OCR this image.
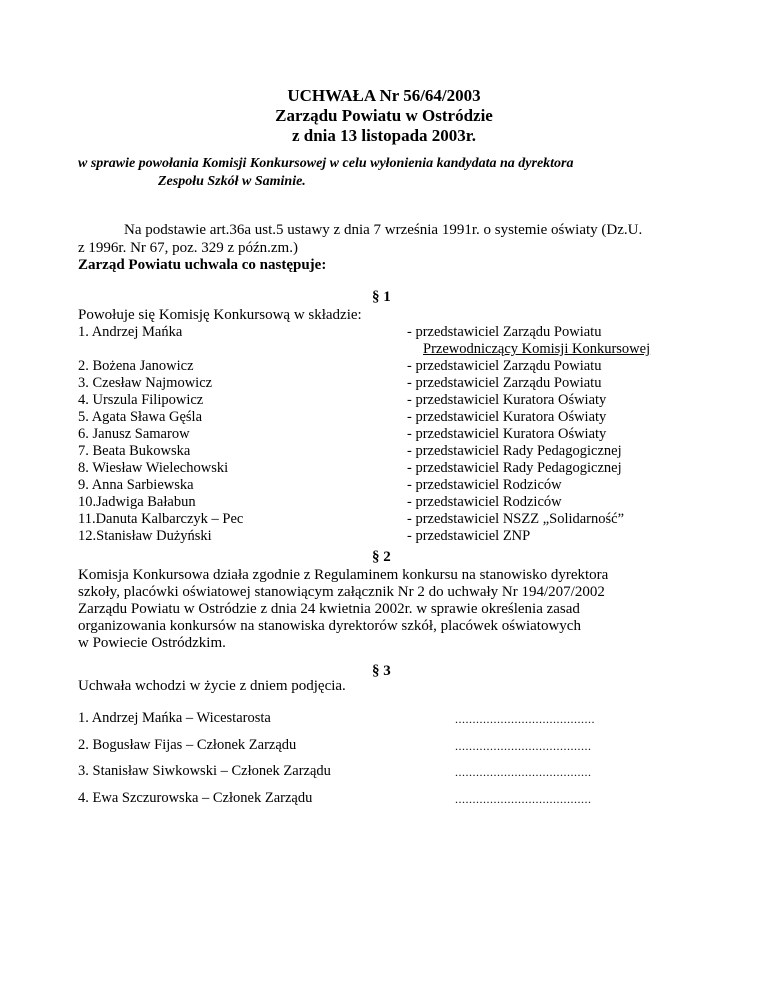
UCHWAŁA Nr 56/64/2003
Zarządu Powiatu w Ostródzie
z dnia 13 listopada 2003r.
w sprawie powołania Komisji Konkursowej w celu wyłonienia kandydata na dyrektora
Zespołu Szkół w Saminie.
Na podstawie art.36a ust.5 ustawy z dnia 7 września 1991r. o systemie oświaty (Dz.U.
z 1996r. Nr 67, poz. 329 z późn.zm.)
Zarząd Powiatu uchwala co następuje:
§ 1
Powołuje się Komisję Konkursową w składzie:
1. Andrzej Mańka	- przedstawiciel Zarządu Powiatu
Przewodniczący Komisji Konkursowej
2. Bożena Janowicz	- przedstawiciel Zarządu Powiatu
3. Czesław Najmowicz	- przedstawiciel Zarządu Powiatu
4. Urszula Filipowicz	- przedstawiciel Kuratora Oświaty
5. Agata Sława Gęśla	- przedstawiciel Kuratora Oświaty
6. Janusz Samarow	- przedstawiciel Kuratora Oświaty
7. Beata Bukowska	- przedstawiciel Rady Pedagogicznej
8. Wiesław Wielechowski	- przedstawiciel Rady Pedagogicznej
9. Anna Sarbiewska	- przedstawiciel Rodziców
10.Jadwiga Bałabun	- przedstawiciel Rodziców
11.Danuta Kalbarczyk – Pec	- przedstawiciel NSZZ „Solidarność”
12.Stanisław Dużyński	- przedstawiciel ZNP
§ 2
Komisja Konkursowa działa zgodnie z Regulaminem konkursu na stanowisko dyrektora
szkoły, placówki oświatowej stanowiącym załącznik Nr 2 do uchwały Nr 194/207/2002
Zarządu Powiatu w Ostródzie z dnia 24 kwietnia 2002r. w sprawie określenia zasad
organizowania konkursów na stanowiska dyrektorów szkół, placówek oświatowych
w Powiecie Ostródzkim.
§ 3
Uchwała wchodzi w życie z dniem podjęcia.
1. Andrzej Mańka – Wicestarosta	........................................
2. Bogusław Fijas – Członek Zarządu	.......................................
3. Stanisław Siwkowski – Członek Zarządu	.......................................
4. Ewa Szczurowska – Członek Zarządu	.......................................
